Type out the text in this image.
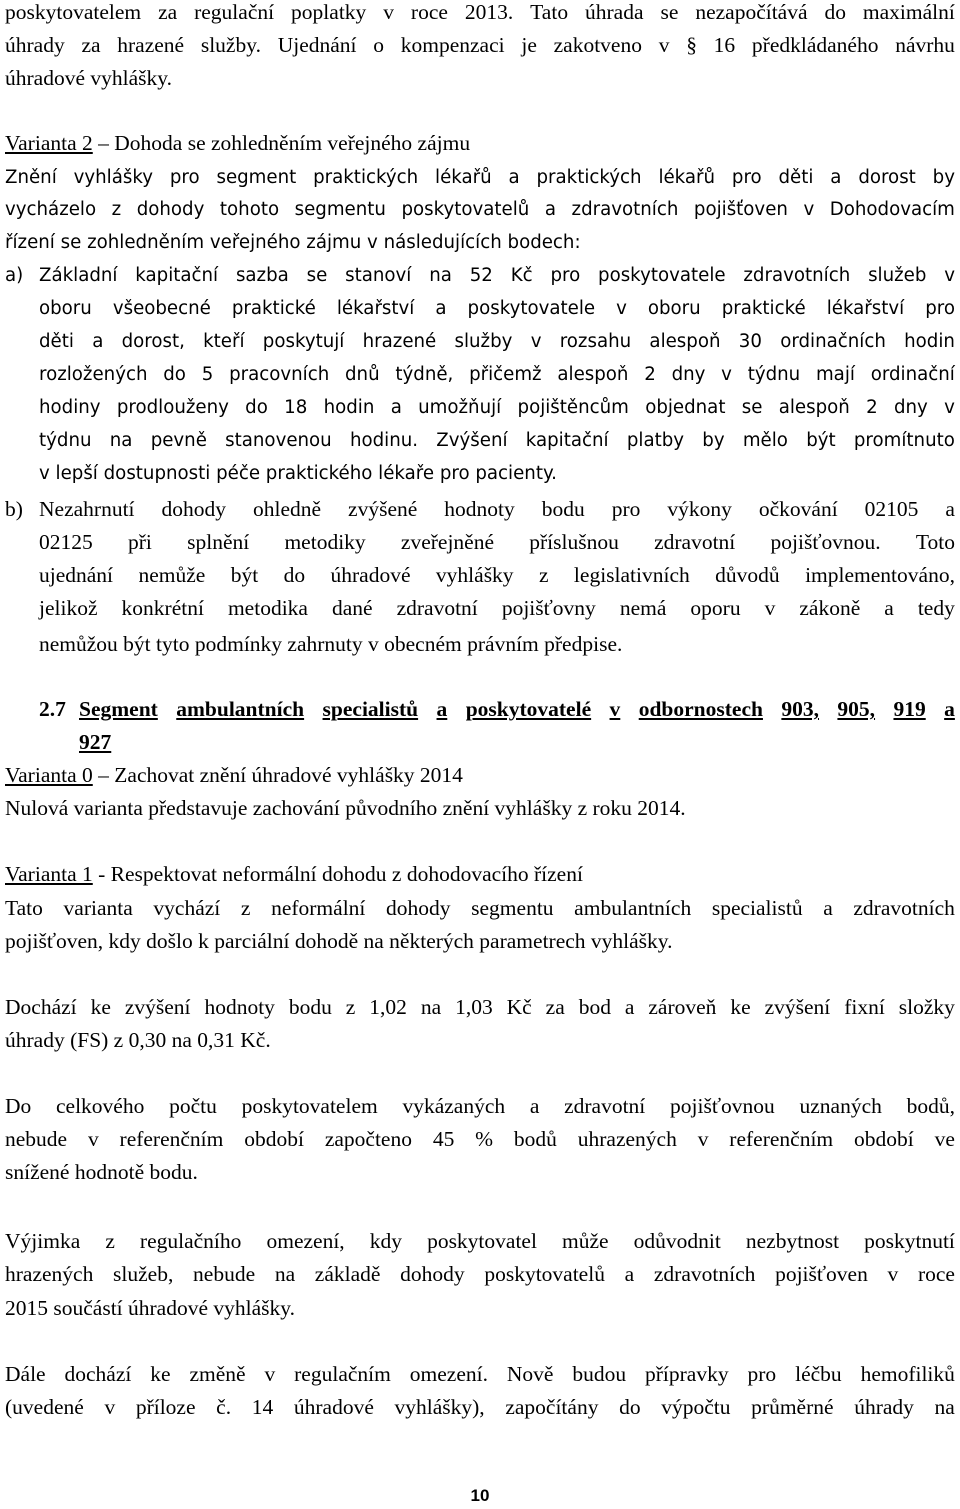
poskytovatelem za regulační poplatky v roce 2013. Tato úhrada se nezapočítává do maximální
úhrady za hrazené služby. Ujednání o kompenzaci je zakotveno v § 16 předkládaného návrhu
úhradové vyhlášky.
Varianta 2 – Dohoda se zohledněním veřejného zájmu
Znění vyhlášky pro segment praktických lékařů a praktických lékařů pro děti a dorost by
vycházelo z dohody tohoto segmentu poskytovatelů a zdravotních pojišťoven v Dohodovacím
řízení se zohledněním veřejného zájmu v následujících bodech:
a) Základní kapitační sazba se stanoví na 52 Kč pro poskytovatele zdravotních služeb v
oboru všeobecné praktické lékařství a poskytovatele v oboru praktické lékařství pro
děti a dorost, kteří poskytují hrazené služby v rozsahu alespoň 30 ordinačních hodin
rozložených do 5 pracovních dnů týdně, přičemž alespoň 2 dny v týdnu mají ordinační
hodiny prodlouženy do 18 hodin a umožňují pojištěncům objednat se alespoň 2 dny v
týdnu na pevně stanovenou hodinu. Zvýšení kapitační platby by mělo být promítnuto
v lepší dostupnosti péče praktického lékaře pro pacienty.
b) Nezahrnutí dohody ohledně zvýšené hodnoty bodu pro výkony očkování 02105 a
02125 při splnění metodiky zveřejněné příslušnou zdravotní pojišťovnou. Toto
ujednání nemůže být do úhradové vyhlášky z legislativních důvodů implementováno,
jelikož konkrétní metodika dané zdravotní pojišťovny nemá oporu v zákoně a tedy
nemůžou být tyto podmínky zahrnuty v obecném právním předpise.
2.7 Segment ambulantních specialistů a poskytovatelé v odbornostech 903, 905, 919 a
927
Varianta 0 – Zachovat znění úhradové vyhlášky 2014
Nulová varianta představuje zachování původního znění vyhlášky z roku 2014.
Varianta 1 - Respektovat neformální dohodu z dohodovacího řízení
Tato varianta vychází z neformální dohody segmentu ambulantních specialistů a zdravotních
pojišťoven, kdy došlo k parciální dohodě na některých parametrech vyhlášky.
Dochází ke zvýšení hodnoty bodu z 1,02 na 1,03 Kč za bod a zároveň ke zvýšení fixní složky
úhrady (FS) z 0,30 na 0,31 Kč.
Do celkového počtu poskytovatelem vykázaných a zdravotní pojišťovnou uznaných bodů,
nebude v referenčním období započteno 45 % bodů uhrazených v referenčním období ve
snížené hodnotě bodu.
Výjimka z regulačního omezení, kdy poskytovatel může odůvodnit nezbytnost poskytnutí
hrazených služeb, nebude na základě dohody poskytovatelů a zdravotních pojišťoven v roce
2015 součástí úhradové vyhlášky.
Dále dochází ke změně v regulačním omezení. Nově budou přípravky pro léčbu hemofiliků
(uvedené v příloze č. 14 úhradové vyhlášky), započítány do výpočtu průměrné úhrady na
10
